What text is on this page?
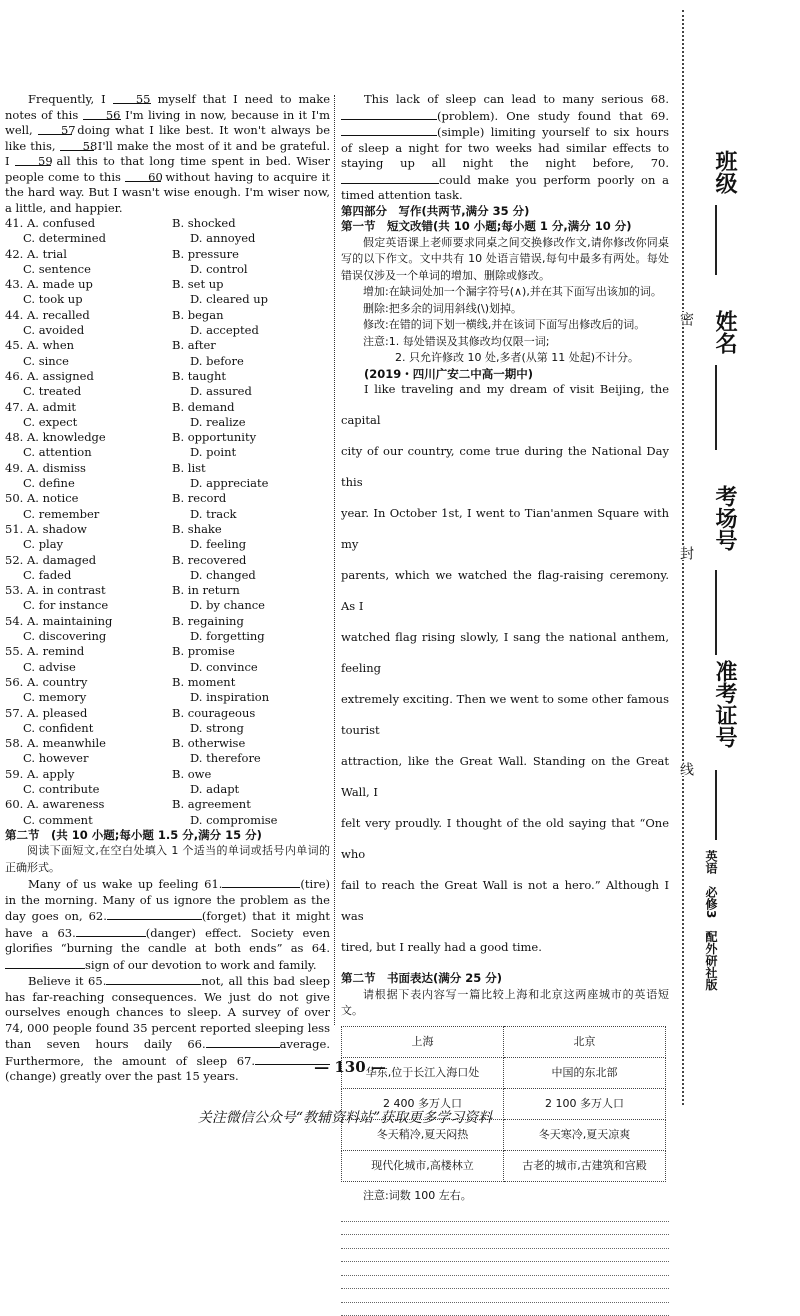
Frequently, I 55 myself that I need to make notes of this 56 I'm living in now, because in it I'm well, 57 doing what I like best. It won't always be like this, 58 I'll make the most of it and be grateful. I 59 all this to that long time spent in bed. Wiser people come to this 60 without having to acquire it the hard way. But I wasn't wise enough. I'm wiser now, a little, and happier.

41. A. confused	B. shocked
C. determined	D. annoyed
42. A. trial	B. pressure
C. sentence	D. control
43. A. made up	B. set up
C. took up	D. cleared up
44. A. recalled	B. began
C. avoided	D. accepted
45. A. when	B. after
C. since	D. before
46. A. assigned	B. taught
C. treated	D. assured
47. A. admit	B. demand
C. expect	D. realize
48. A. knowledge	B. opportunity
C. attention	D. point
49. A. dismiss	B. list
C. define	D. appreciate
50. A. notice	B. record
C. remember	D. track
51. A. shadow	B. shake
C. play	D. feeling
52. A. damaged	B. recovered
C. faded	D. changed
53. A. in contrast	B. in return
C. for instance	D. by chance
54. A. maintaining	B. regaining
C. discovering	D. forgetting
55. A. remind	B. promise
C. advise	D. convince
56. A. country	B. moment
C. memory	D. inspiration
57. A. pleased	B. courageous
C. confident	D. strong
58. A. meanwhile	B. otherwise
C. however	D. therefore
59. A. apply	B. owe
C. contribute	D. adapt
60. A. awareness	B. agreement
C. comment	D. compromise

第二节　(共 10 小题;每小题 1.5 分,满分 15 分)

阅读下面短文,在空白处填入 1 个适当的单词或括号内单词的正确形式。

Many of us wake up feeling 61.	(tire) in the morning. Many of us ignore the problem as the day goes on, 62.	(forget) that it might have a 63.	(danger) effect. Society even glorifies “burning the candle at both ends” as 64.sign of our devotion to work and family.

Believe it 65.	not, all this bad sleep has far-reaching consequences. We just do not give ourselves enough chances to sleep. A survey of over 74, 000 people found 35 percent reported sleeping less than seven hours daily 66.	average. Furthermore, the amount of sleep 67.(change) greatly over the past 15 years.

This lack of sleep can lead to many serious 68.(problem). One study found that 69.(simple) limiting yourself to six hours of sleep a night for two weeks had similar effects to staying up all night the night before, 70.could make you perform poorly on a timed attention task.

第四部分　写作(共两节,满分 35 分)

第一节　短文改错(共 10 小题;每小题 1 分,满分 10 分)

假定英语课上老师要求同桌之间交换修改作文,请你修改你同桌写的以下作文。文中共有 10 处语言错误,每句中最多有两处。每处错误仅涉及一个单词的增加、删除或修改。

增加:在缺词处加一个漏字符号(∧),并在其下面写出该加的词。

删除:把多余的词用斜线(\)划掉。

修改:在错的词下划一横线,并在该词下面写出修改后的词。

注意:1. 每处错误及其修改均仅限一词;

2. 只允许修改 10 处,多者(从第 11 处起)不计分。

(2019・四川广安二中高一期中)

I like traveling and my dream of visit Beijing, the capital

city of our country, come true during the National Day this

year. In October 1st, I went to Tian'anmen Square with my

parents, which we watched the flag-raising ceremony. As I

watched flag rising slowly, I sang the national anthem, feeling

extremely exciting. Then we went to some other famous tourist

attraction, like the Great Wall. Standing on the Great Wall, I

felt very proudly. I thought of the old saying that “One who

fail to reach the Great Wall is not a hero.” Although I was

tired, but I really had a good time.

第二节　书面表达(满分 25 分)

请根据下表内容写一篇比较上海和北京这两座城市的英语短文。

上海	北京
华东,位于长江入海口处	中国的东北部
2 400 多万人口	2 100 多万人口
冬天稍冷,夏天闷热	冬天寒冷,夏天凉爽
现代化城市,高楼林立	古老的城市,古建筑和宫殿

注意:词数 100 左右。

— 130 —
关注微信公众号“教辅资料站”获取更多学习资料
班级
姓名
考场号
准考证号
密
封
线
英语　必修3　配外研社版
